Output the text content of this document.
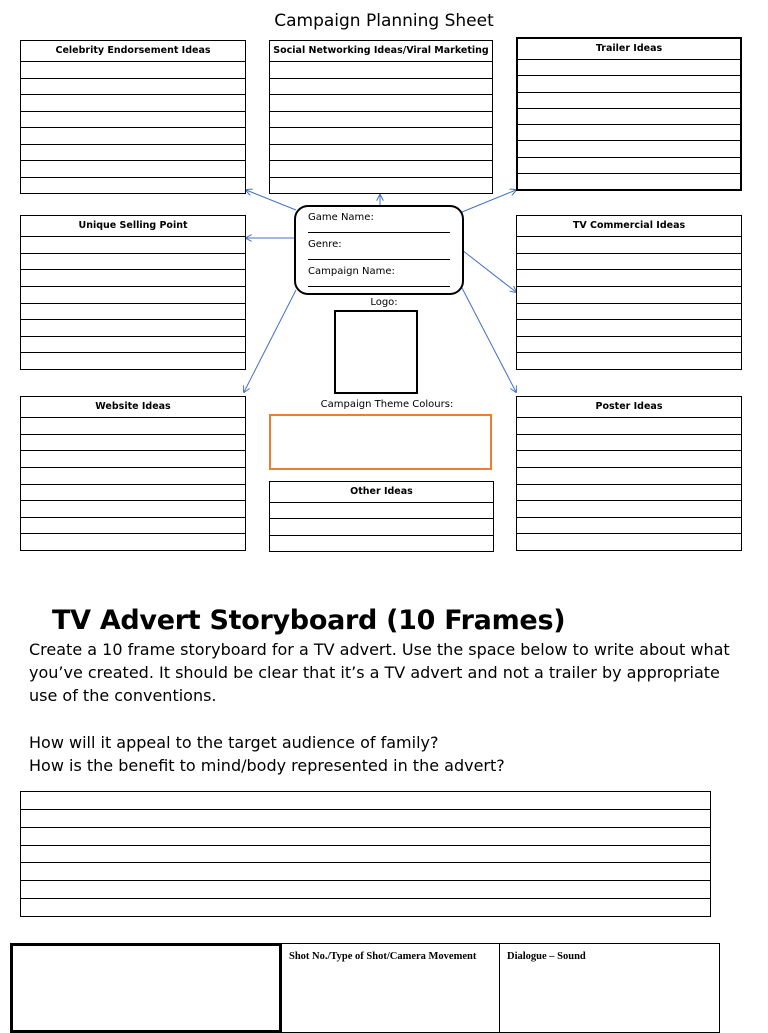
Campaign Planning Sheet
Celebrity Endorsement Ideas	Social Networking Ideas/Viral Marketing	Trailer Ideas
Unique Selling Point
Game Name:
Genre:
Campaign Name:
TV Commercial Ideas
Logo:
Website Ideas	Campaign Theme Colours:
Other Ideas
Poster Ideas
TV Advert Storyboard (10 Frames)
Create a 10 frame storyboard for a TV advert. Use the space below to write about what
you’ve created. It should be clear that it’s a TV advert and not a trailer by appropriate
use of the conventions.
How will it appeal to the target audience of family?
How is the benefit to mind/body represented in the advert?
Shot No./Type of Shot/Camera Movement	Dialogue – Sound
